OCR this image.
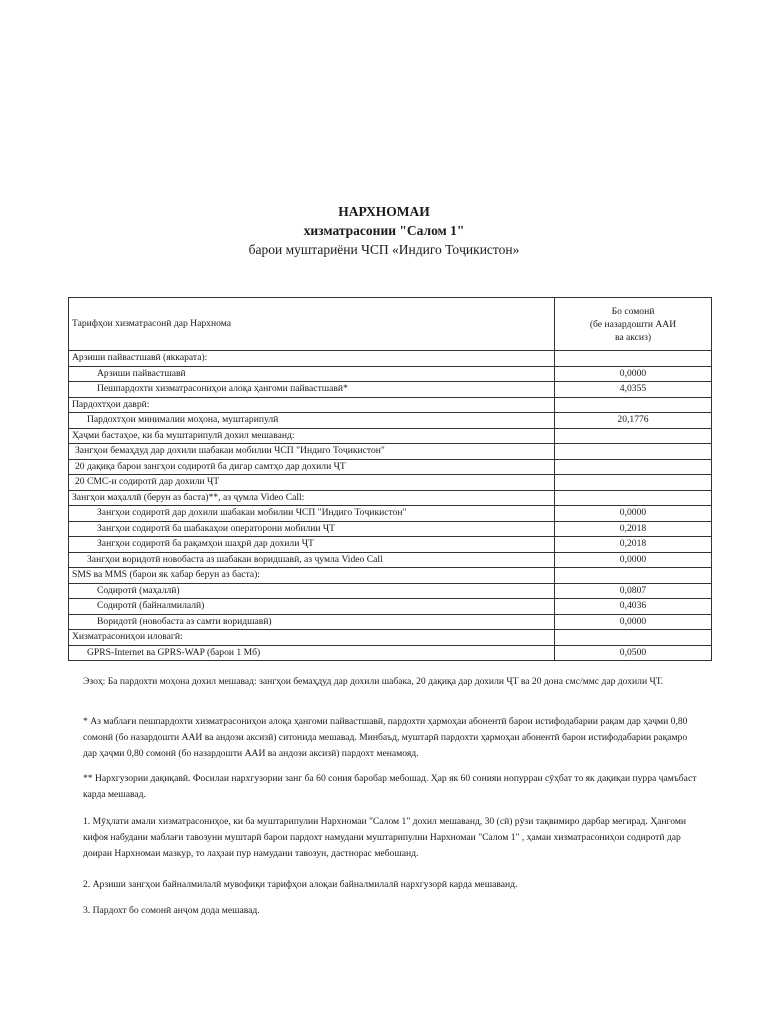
НАРХНОМАИ
хизматрасонии "Салом 1"
барои муштариёни ЧСП «Индиго Тоҷикистон»
Тарифҳои хизматрасонӣ дар Нархнома	Бо сомонӣ
(бе назардошти ААИ
ва аксиз)

Арзиши пайвастшавӣ (яккарата):	
Арзиши пайвастшавӣ	0,0000
Пешпардохти хизматрасониҳои алоқа ҳангоми пайвастшавӣ*	4,0355
Пардохтҳои даврӣ:	
Пардохтҳои минималии моҳона, муштарипулӣ	20,1776
Ҳаҷми бастаҳое, ки ба муштарипулӣ дохил мешаванд:	
Зангҳои бемаҳдуд дар дохили шабакаи мобилии ЧСП "Индиго Тоҷикистон"	
20 дақиқа барои зангҳои содиротӣ ба дигар самтҳо дар дохили ҶТ	
20 СМС-и содиротӣ дар дохили ҶТ	
Зангҳои маҳаллӣ (берун аз баста)**, аз ҷумла Video Call:	
Зангҳои содиротӣ дар дохили шабакаи мобилии ЧСП "Индиго Тоҷикистон"	0,0000
Зангҳои содиротӣ ба шабакаҳои операторони мобилии ҶТ	0,2018
Зангҳои содиротӣ ба рақамҳои шаҳрӣ дар дохили ҶТ	0,2018
Зангҳои воридотӣ новобаста аз шабакаи воридшавӣ, аз ҷумла Video Call	0,0000
SMS ва MMS (барои як хабар берун аз баста):	
Содиротӣ (маҳаллӣ)	0,0807
Содиротӣ (байналмилалӣ)	0,4036
Воридотӣ (новобаста аз самти воридшавӣ)	0,0000
Хизматрасониҳои иловагӣ:	
GPRS-Internet ва GPRS-WAP (барои 1 Мб)	0,0500

Эзоҳ: Ба пардохти моҳона дохил мешавад: зангҳои бемаҳдуд дар дохили шабака, 20 дақиқа дар дохили ҶТ ва 20 дона смс/ммс дар дохили ҶТ.

* Аз маблағи пешпардохти хизматрасониҳои алоқа ҳангоми пайвастшавӣ, пардохти ҳармоҳаи абонентӣ барои истифодабарии рақам дар ҳаҷми 0,80 сомонӣ (бо назардошти ААИ ва андози аксизӣ) ситонида мешавад. Минбаъд, муштарӣ пардохти ҳармоҳаи абонентӣ барои истифодабарии рақамро дар ҳаҷми 0,80 сомонӣ (бо назардошти ААИ ва андози аксизӣ) пардохт менамояд.

** Нархгузории дақиқавӣ. Фосилаи нархгузории занг ба 60 сония баробар мебошад. Ҳар як 60 сонияи нопурраи сӯҳбат то як дақиқаи пурра ҷамъбаст карда мешавад.

1. Мӯҳлати амали хизматрасониҳое, ки ба муштарипулии Нархномаи "Салом 1" дохил мешаванд, 30 (сӣ) рӯзи тақвимиро дарбар мегирад. Ҳангоми кифоя набудани маблағи тавозуни муштарӣ барои пардохт намудани муштарипулии Нархномаи "Салом 1" , ҳамаи хизматрасониҳои содиротӣ дар доираи Нархномаи мазкур, то лаҳзаи пур намудани тавозун, дастнорас мебошанд.

2. Арзиши зангҳои байналмилалӣ мувофиқи тарифҳои алоқаи байналмилалӣ нархгузорӣ карда мешаванд.

3. Пардохт бо сомонӣ анҷом дода мешавад.
